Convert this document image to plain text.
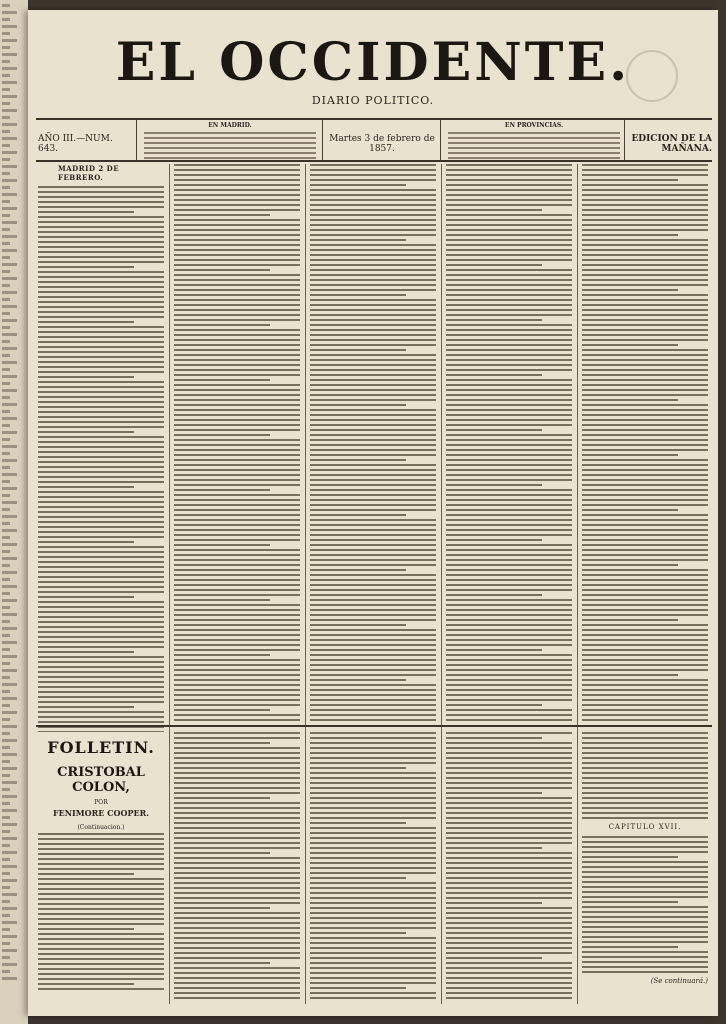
EL OCCIDENTE.
DIARIO POLITICO.
AÑO III.—NUM. 643.
EN MADRID.
Martes 3 de febrero de 1857.
EN PROVINCIAS.
EDICION DE LA MAÑANA.
MADRID 2 DE FEBRERO.
FOLLETIN.
CRISTOBAL COLON,
POR
FENIMORE COOPER.
(Continuacion.)	CAPITULO XVII.
(Se continuará.)
